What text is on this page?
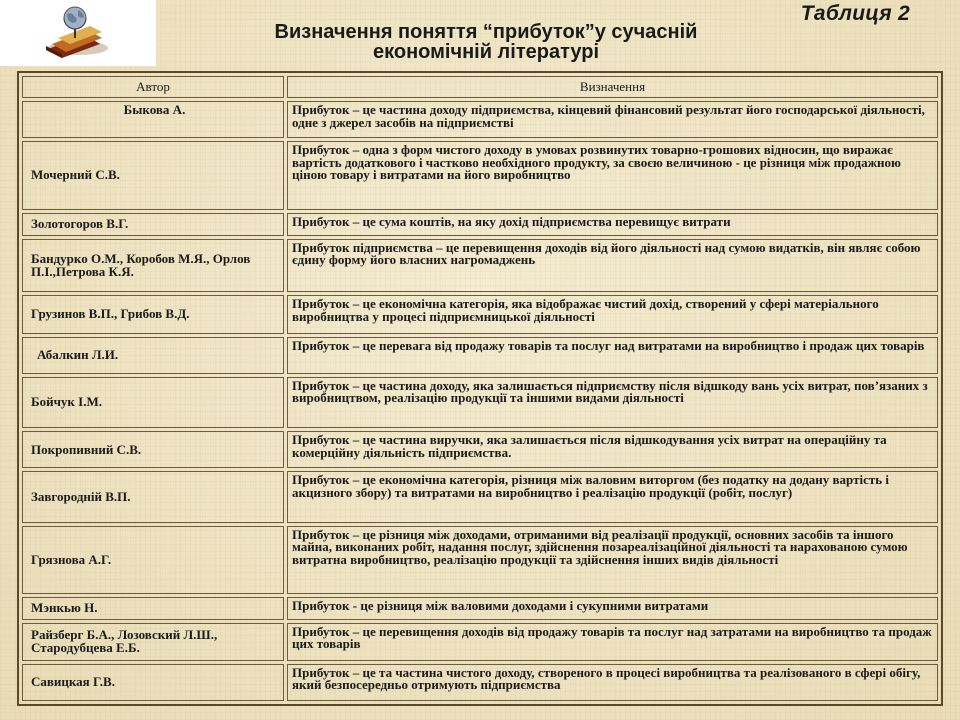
Таблиця 2
Визначення поняття “прибуток”у сучасній
економічній літературі
Автор	Визначення
Быкова А.	Прибуток – це частина доходу підприємства, кінцевий фінансовий результат його господарської діяльності, одне з джерел засобів на підприємстві
Мочерний С.В.	Прибуток – одна з форм чистого доходу в умовах розвинутих товарно-грошових відносин, що виражає вартість додаткового і частково необхідного продукту, за своєю величиною - це різниця між продажною ціною товару і витратами на його виробництво
Золотогоров В.Г.	Прибуток – це сума коштів, на яку дохід підприємства перевищує витрати
Бандурко О.М., Коробов М.Я., Орлов П.І.,Петрова К.Я.	Прибуток підприємства – це перевищення доходів від його діяльності над сумою видатків, він являє собою єдину форму його власних нагромаджень
Грузинов В.П., Грибов В.Д.	Прибуток – це економічна категорія, яка відображає чистий дохід, створений у сфері матеріального виробництва у процесі підприємницької діяльності
Абалкин Л.И.	Прибуток – це перевага від продажу товарів та послуг над витратами на виробництво і продаж цих товарів
Бойчук І.М.	Прибуток – це частина доходу, яка залишається підприємству після відшкоду вань усіх витрат, пов’язаних з виробництвом, реалізацію продукції та іншими видами діяльності
Покропивний С.В.	Прибуток – це частина виручки, яка залишається після відшкодування усіх витрат на операційну та комерційну діяльність підприємства.
Завгородній В.П.	Прибуток – це економічна категорія, різниця між валовим виторгом (без податку на додану вартість і акцизного збору) та витратами на виробництво і реалізацію продукції (робіт, послуг)
Грязнова А.Г.	Прибуток – це різниця між доходами, отриманими від реалізації продукції, основних засобів та іншого майна, виконаних робіт, надання послуг, здійснення позареалізаційної діяльності та нарахованою сумою витратна виробництво, реалізацію продукції та здійснення інших видів діяльності
Мэнкью Н.	Прибуток - це різниця між валовими доходами і сукупними витратами
Райзберг Б.А., Лозовский Л.Ш., Стародубцева Е.Б.	Прибуток – це перевищення доходів від продажу товарів та послуг над затратами на виробництво та продаж цих товарів
Савицкая Г.В.	Прибуток – це та частина чистого доходу, створеного в процесі виробництва та реалізованого в сфері обігу, який безпосередньо отримують підприємства
